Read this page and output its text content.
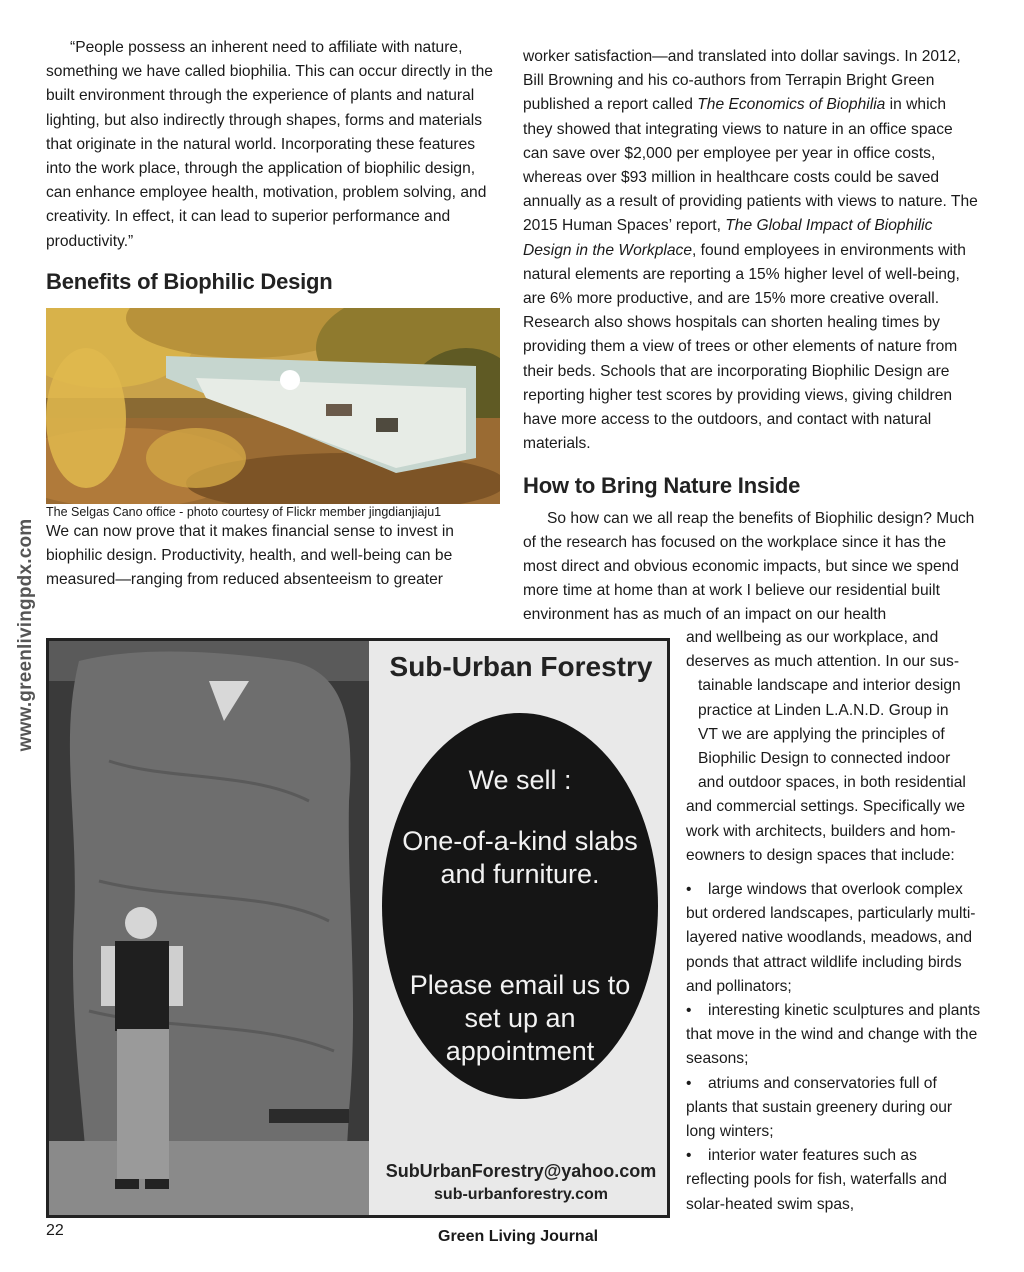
www.greenlivingpdx.com

“People possess an inherent need to affiliate with nature, something we have called biophilia. This can occur directly in the built environment through the experience of plants and natural lighting, but also indirectly through shapes, forms and materials that originate in the natural world. Incorporating these features into the work place, through the application of biophilic design, can enhance employee health, motivation, problem solving, and creativity. In effect, it can lead to superior performance and productivity.”

Benefits of Biophilic Design

The Selgas Cano office - photo courtesy of Flickr member jingdianjiaju1

We can now prove that it makes financial sense to invest in biophilic design. Productivity, health, and well-being can be measured—ranging from reduced absenteeism to greater

worker satisfaction—and translated into dollar savings. In 2012, Bill Browning and his co-authors from Terrapin Bright Green published a report called The Economics of Biophilia in which they showed that integrating views to nature in an office space can save over $2,000 per employee per year in office costs, whereas over $93 million in healthcare costs could be saved annually as a result of providing patients with views to nature. The 2015 Human Spaces’ report, The Global Impact of Biophilic Design in the Workplace, found employees in environments with natural elements are reporting a 15% higher level of well-being, are 6% more productive, and are 15% more creative overall. Research also shows hospitals can shorten healing times by providing them a view of trees or other elements of nature from their beds. Schools that are incorporating Biophilic Design are reporting higher test scores by providing views, giving children have more access to the outdoors, and contact with natural materials.

How to Bring Nature Inside

So how can we all reap the benefits of Biophilic design? Much of the research has focused on the workplace since it has the most direct and obvious economic impacts, but since we spend more time at home than at work I believe our residential built environment has as much of an impact on our health

and wellbeing as our workplace, and
deserves as much attention. In our sus-
tainable landscape and interior design
practice at Linden L.A.N.D. Group in
VT we are applying the principles of
Biophilic Design to connected indoor
and outdoor spaces, in both residential
and commercial settings. Specifically we
work with architects, builders and hom-
eowners to design spaces that include:
• large windows that overlook complex but ordered landscapes, particularly multi-layered native woodlands, meadows, and ponds that attract wildlife including birds and pollinators;
• interesting kinetic sculptures and plants that move in the wind and change with the seasons;
• atriums and conservatories full of plants that sustain greenery during our long winters;
• interior water features such as reflecting pools for fish, waterfalls and solar-heated swim spas,
Sub-Urban Forestry
We sell :
One-of-a-kind slabs and furniture.
Please email us to set up an appointment
SubUrbanForestry@yahoo.com
sub-urbanforestry.com
22	Green Living Journal
